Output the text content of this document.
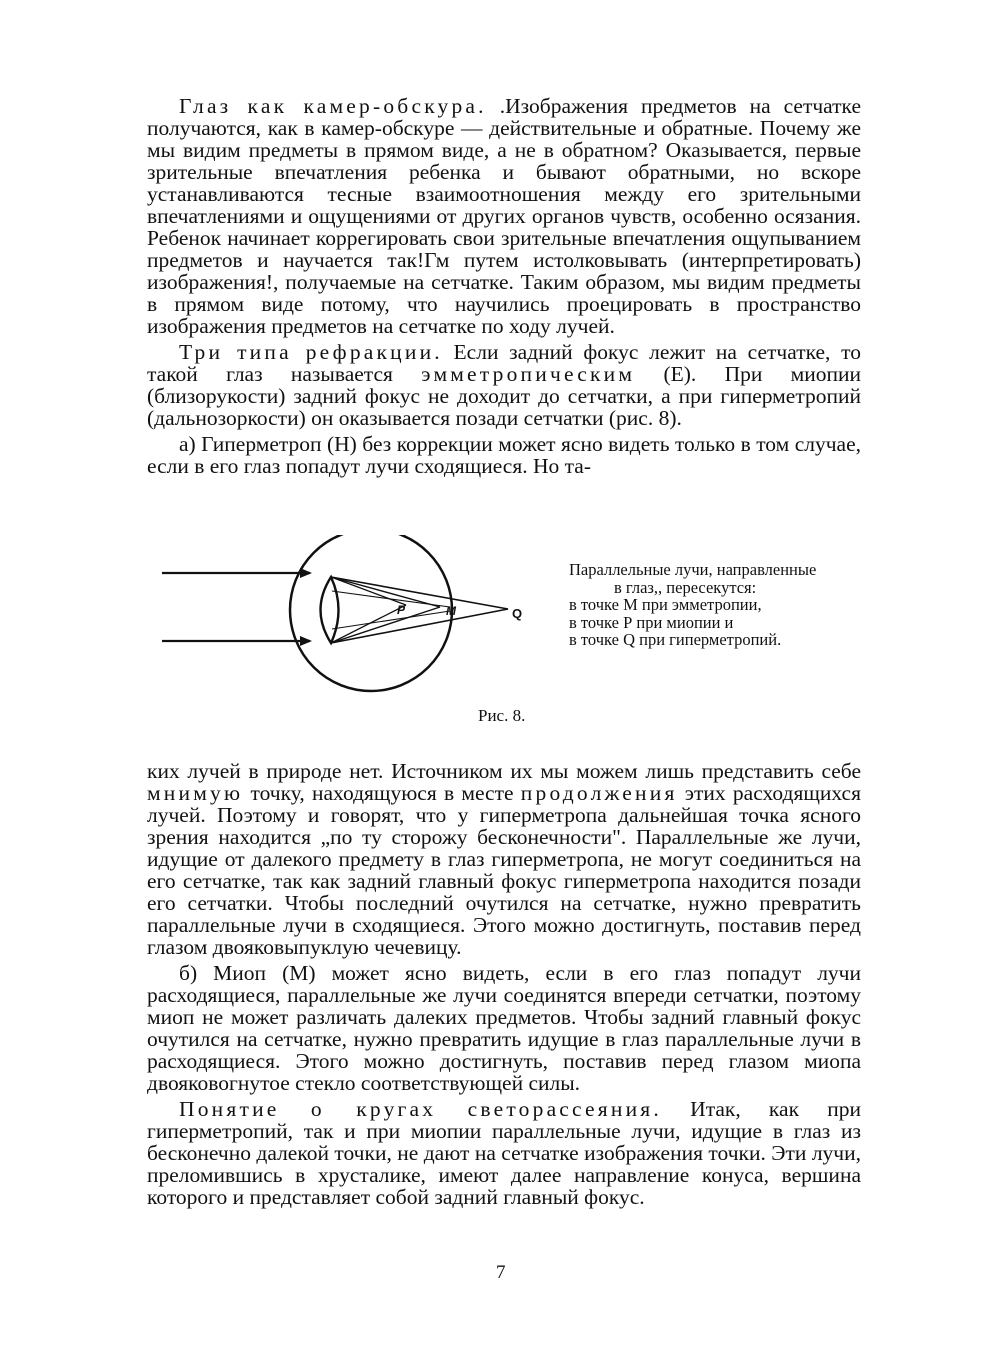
Глаз как камер-обскура. .Изображения предметов на сетчатке получаются, как в камер-обскуре — действительные и обратные. Почему же мы видим предметы в прямом виде, а не в обратном? Оказывается, первые зрительные впечатления ребенка и бывают обратными, но вскоре устанавливаются тесные взаимоотношения между его зрительными впечатлениями и ощущениями от других органов чувств, особенно осязания. Ребенок начинает коррегировать свои зрительные впечатления ощупыванием предметов и научается так!Гм путем истолковывать (интерпретировать) изображения!, получаемые на сетчатке. Таким образом, мы видим предметы в прямом виде потому, что научились проецировать в пространство изображения предметов на сетчатке по ходу лучей.

Три типа рефракции. Если задний фокус лежит на сетчатке, то такой глаз называется эмметропическим (Е). При миопии (близорукости) задний фокус не доходит до сетчатки, а при гиперметропий (дальнозоркости) он оказывается позади сетчатки (рис. 8).

а) Гиперметроп (Н) без коррекции может ясно видеть только в том случае, если в его глаз попадут лучи сходящиеся. Но та-

P	M	Q
Параллельные лучи, направленные
в глаз,, пересекутся:
в точке М при эмметропии,
в точке Р при миопии и
в точке Q при гиперметропий.
Рис. 8.

ких лучей в природе нет. Источником их мы можем лишь представить себе мнимую точку, находящуюся в месте продолжения этих расходящихся лучей. Поэтому и говорят, что у гиперметропа дальнейшая точка ясного зрения находится „по ту сторожу бесконечности". Параллельные же лучи, идущие от далекого предмету в глаз гиперметропа, не могут соединиться на его сетчатке, так как задний главный фокус гиперметропа находится позади его сетчатки. Чтобы последний очутился на сетчатке, нужно превратить параллельные лучи в сходящиеся. Этого можно достигнуть, поставив перед глазом двояковыпуклую чечевицу.

б) Миоп (М) может ясно видеть, если в его глаз попадут лучи расходящиеся, параллельные же лучи соединятся впереди сетчатки, поэтому миоп не может различать далеких предметов. Чтобы задний главный фокус очутился на сетчатке, нужно превратить идущие в глаз параллельные лучи в расходящиеся. Этого можно достигнуть, поставив перед глазом миопа двояковогнутое стекло соответствующей силы.

Понятие о кругах светорассеяния. Итак, как при гиперметропий, так и при миопии параллельные лучи, идущие в глаз из бесконечно далекой точки, не дают на сетчатке изображения точки. Эти лучи, преломившись в хрусталике, имеют далее направление конуса, вершина которого и представляет собой задний главный фокус.

7
